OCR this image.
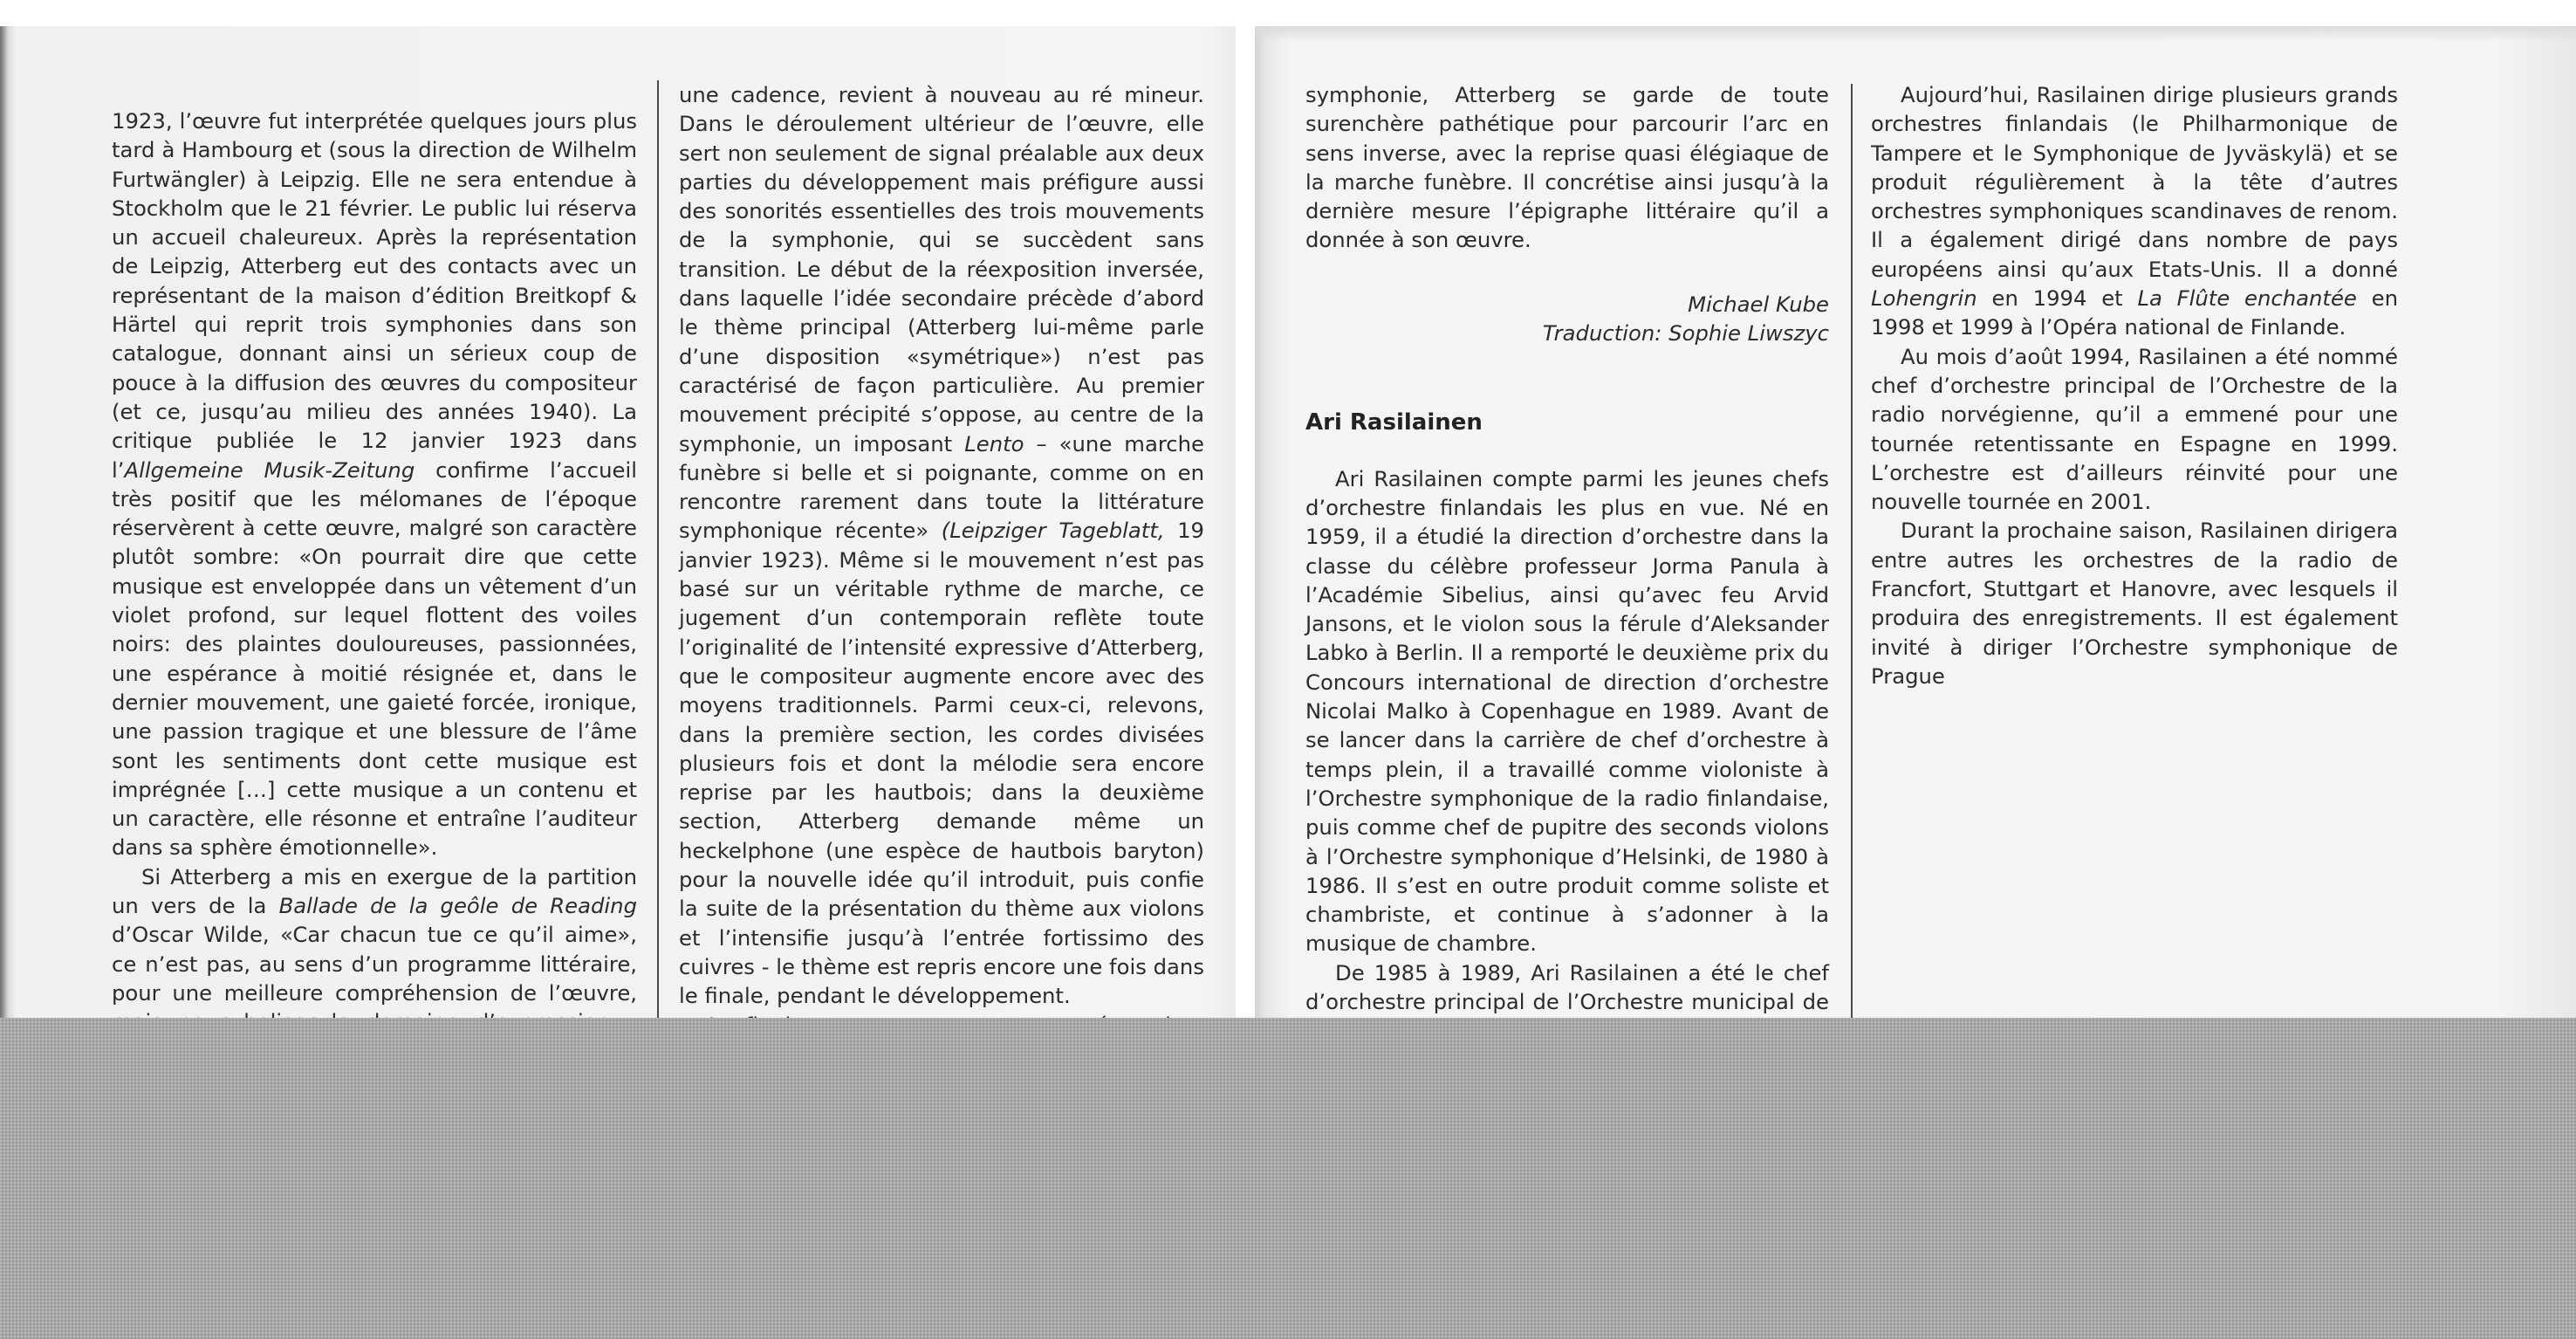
1923, l’œuvre fut interprétée quelques jours plus tard à Hambourg et (sous la direction de Wilhelm Furtwängler) à Leipzig. Elle ne sera entendue à Stockholm que le 21 février. Le public lui réserva un accueil chaleureux. Après la représentation de Leipzig, Atterberg eut des contacts avec un représentant de la maison d’édition Breitkopf & Härtel qui reprit trois symphonies dans son catalogue, donnant ainsi un sérieux coup de pouce à la diffusion des œuvres du compositeur (et ce, jusqu’au milieu des années 1940). La critique publiée le 12 janvier 1923 dans l’Allgemeine Musik-Zeitung confirme l’accueil très positif que les mélomanes de l’époque réservèrent à cette œuvre, malgré son caractère plutôt sombre: «On pourrait dire que cette musique est enveloppée dans un vêtement d’un violet profond, sur lequel flottent des voiles noirs: des plaintes douloureuses, passionnées, une espérance à moitié résignée et, dans le dernier mouvement, une gaieté forcée, ironique, une passion tragique et une blessure de l’âme sont les sentiments dont cette musique est imprégnée […] cette musique a un contenu et un caractère, elle résonne et entraîne l’auditeur dans sa sphère émotionnelle».

Si Atterberg a mis en exergue de la partition un vers de la Ballade de la geôle de Reading d’Oscar Wilde, «Car chacun tue ce qu’il aime», ce n’est pas, au sens d’un programme littéraire, pour une meilleure compréhension de l’œuvre,

une cadence, revient à nouveau au ré mineur. Dans le déroulement ultérieur de l’œuvre, elle sert non seulement de signal préalable aux deux parties du développement mais préfigure aussi des sonorités essentielles des trois mouvements de la symphonie, qui se succèdent sans transition. Le début de la réexposition inversée, dans laquelle l’idée secondaire précède d’abord le thème principal (Atterberg lui-même parle d’une disposition «symétrique») n’est pas caractérisé de façon particulière. Au premier mouvement précipité s’oppose, au centre de la symphonie, un imposant Lento – «une marche funèbre si belle et si poignante, comme on en rencontre rarement dans toute la littérature symphonique récente» (Leipziger Tageblatt, 19 janvier 1923). Même si le mouvement n’est pas basé sur un véritable rythme de marche, ce jugement d’un contemporain reflète toute l’originalité de l’intensité expressive d’Atterberg, que le compositeur augmente encore avec des moyens traditionnels. Parmi ceux-ci, relevons, dans la première section, les cordes divisées plusieurs fois et dont la mélodie sera encore reprise par les hautbois; dans la deuxième section, Atterberg demande même un heckelphone (une espèce de hautbois baryton) pour la nouvelle idée qu’il introduit, puis confie la suite de la présentation du thème aux violons et l’intensifie jusqu’à l’entrée fortissimo des cuivres - le thème est repris encore une fois dans le finale, pendant le développement.

symphonie, Atterberg se garde de toute surenchère pathétique pour parcourir l’arc en sens inverse, avec la reprise quasi élégiaque de la marche funèbre. Il concrétise ainsi jusqu’à la dernière mesure l’épigraphe littéraire qu’il a donnée à son œuvre.

Michael Kube
Traduction: Sophie Liwszyc

Ari Rasilainen

Ari Rasilainen compte parmi les jeunes chefs d’orchestre finlandais les plus en vue. Né en 1959, il a étudié la direction d’orchestre dans la classe du célèbre professeur Jorma Panula à l’Académie Sibelius, ainsi qu’avec feu Arvid Jansons, et le violon sous la férule d’Aleksander Labko à Berlin. Il a remporté le deuxième prix du Concours international de direction d’orchestre Nicolai Malko à Copenhague en 1989. Avant de se lancer dans la carrière de chef d’orchestre à temps plein, il a travaillé comme violoniste à l’Orchestre symphonique de la radio finlandaise, puis comme chef de pupitre des seconds violons à l’Orchestre symphonique d’Helsinki, de 1980 à 1986. Il s’est en outre produit comme soliste et chambriste, et continue à s’adonner à la musique de chambre.

De 1985 à 1989, Ari Rasilainen a été le chef d’orchestre principal de l’Orchestre municipal de

Aujourd’hui, Rasilainen dirige plusieurs grands orchestres finlandais (le Philharmonique de Tampere et le Symphonique de Jyväskylä) et se produit régulièrement à la tête d’autres orchestres symphoniques scandinaves de renom. Il a également dirigé dans nombre de pays européens ainsi qu’aux Etats-Unis. Il a donné Lohengrin en 1994 et La Flûte enchantée en 1998 et 1999 à l’Opéra national de Finlande.

Au mois d’août 1994, Rasilainen a été nommé chef d’orchestre principal de l’Orchestre de la radio norvégienne, qu’il a emmené pour une tournée retentissante en Espagne en 1999. L’orchestre est d’ailleurs réinvité pour une nouvelle tournée en 2001.

Durant la prochaine saison, Rasilainen dirigera entre autres les orchestres de la radio de Francfort, Stuttgart et Hanovre, avec lesquels il produira des enregistrements. Il est également invité à diriger l’Orchestre symphonique de Prague
